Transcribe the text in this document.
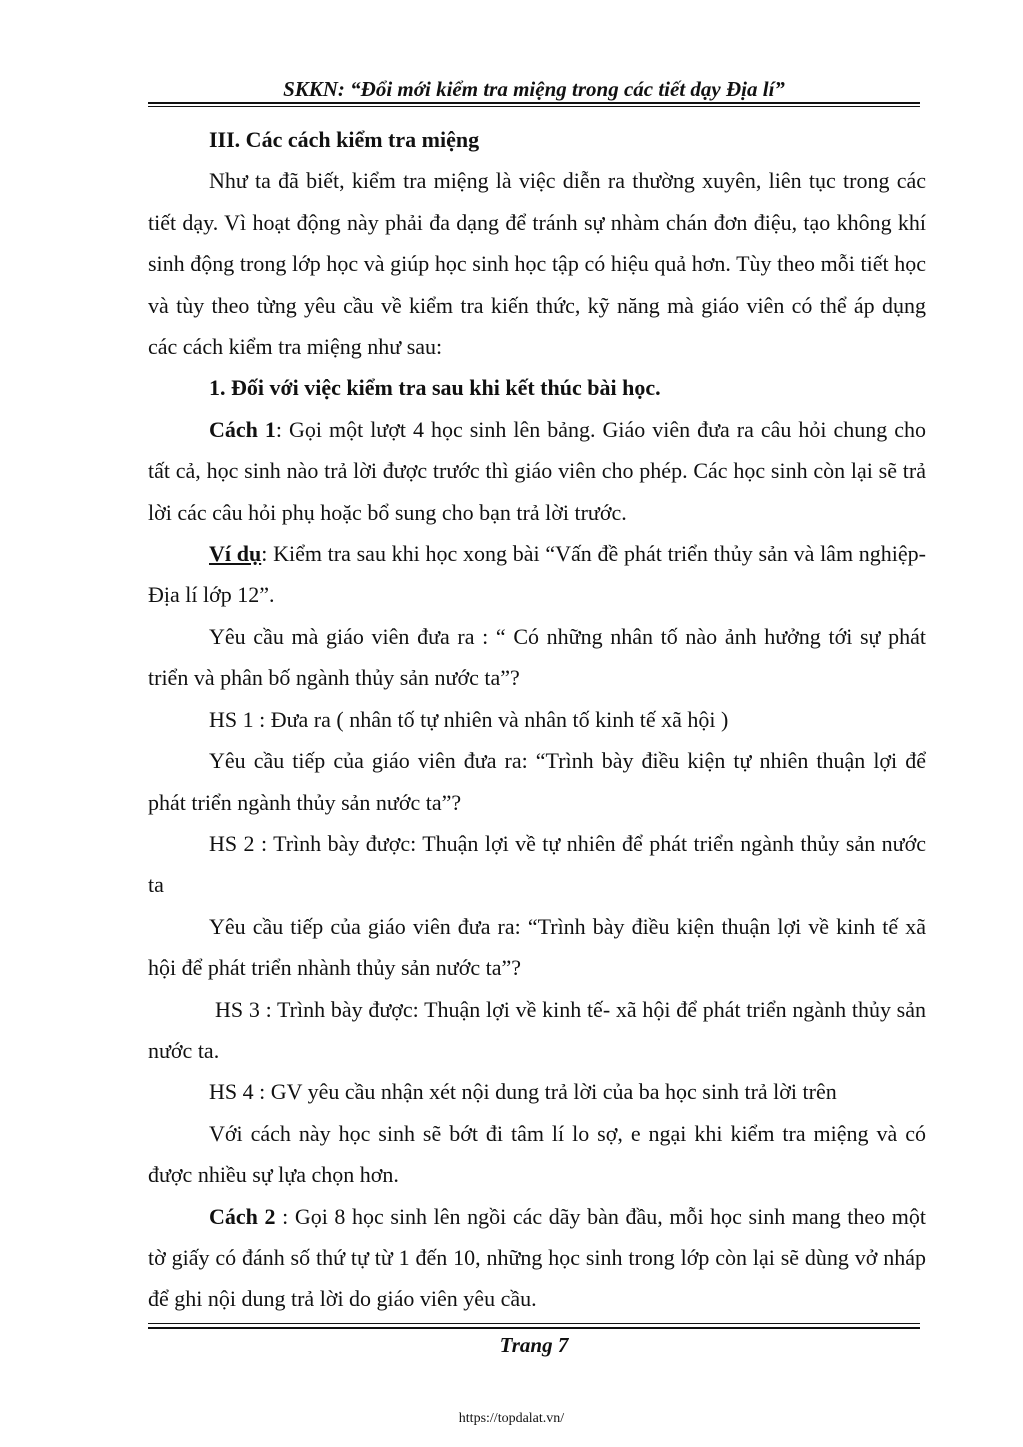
SKKN: “Đổi mới kiểm tra miệng trong các tiết dạy Địa lí”

III. Các cách kiểm tra miệng

Như ta đã biết, kiểm tra miệng là việc diễn ra thường xuyên, liên tục trong các tiết dạy. Vì hoạt động này phải đa dạng để tránh sự nhàm chán đơn điệu, tạo không khí sinh động trong lớp học và giúp học sinh học tập có hiệu quả hơn. Tùy theo mỗi tiết học và tùy theo từng yêu cầu về kiểm tra kiến thức, kỹ năng mà giáo viên có thể áp dụng các cách kiểm tra miệng như sau:

1. Đối với việc kiểm tra sau khi kết thúc bài học.

Cách 1: Gọi một lượt 4 học sinh lên bảng. Giáo viên đưa ra câu hỏi chung cho tất cả, học sinh nào trả lời được trước thì giáo viên cho phép. Các học sinh còn lại sẽ trả lời các câu hỏi phụ hoặc bổ sung cho bạn trả lời trước.

Ví dụ: Kiểm tra sau khi học xong bài “Vấn đề phát triển thủy sản và lâm nghiệp-Địa lí lớp 12”.

Yêu cầu mà giáo viên đưa ra : “ Có những nhân tố nào ảnh hưởng tới sự phát triển và phân bố ngành thủy sản nước ta”?

HS 1 : Đưa ra ( nhân tố tự nhiên và nhân tố kinh tế xã hội )

Yêu cầu tiếp của giáo viên đưa ra: “Trình bày điều kiện tự nhiên thuận lợi để phát triển ngành thủy sản nước ta”?

HS 2 : Trình bày được: Thuận lợi về tự nhiên để phát triển ngành thủy sản nước ta

Yêu cầu tiếp của giáo viên đưa ra: “Trình bày điều kiện thuận lợi về kinh tế xã hội để phát triển nhành thủy sản nước ta”?

HS 3 : Trình bày được: Thuận lợi về kinh tế- xã hội để phát triển ngành thủy sản nước ta.

HS 4 : GV yêu cầu nhận xét nội dung trả lời của ba học sinh trả lời trên

Với cách này học sinh sẽ bớt đi tâm lí lo sợ, e ngại khi kiểm tra miệng và có được nhiều sự lựa chọn hơn.

Cách 2 : Gọi 8 học sinh lên ngồi các dãy bàn đầu, mỗi học sinh mang theo một tờ giấy có đánh số thứ tự từ 1 đến 10, những học sinh trong lớp còn lại sẽ dùng vở nháp để ghi nội dung trả lời do giáo viên yêu cầu.

Trang 7
https://topdalat.vn/
